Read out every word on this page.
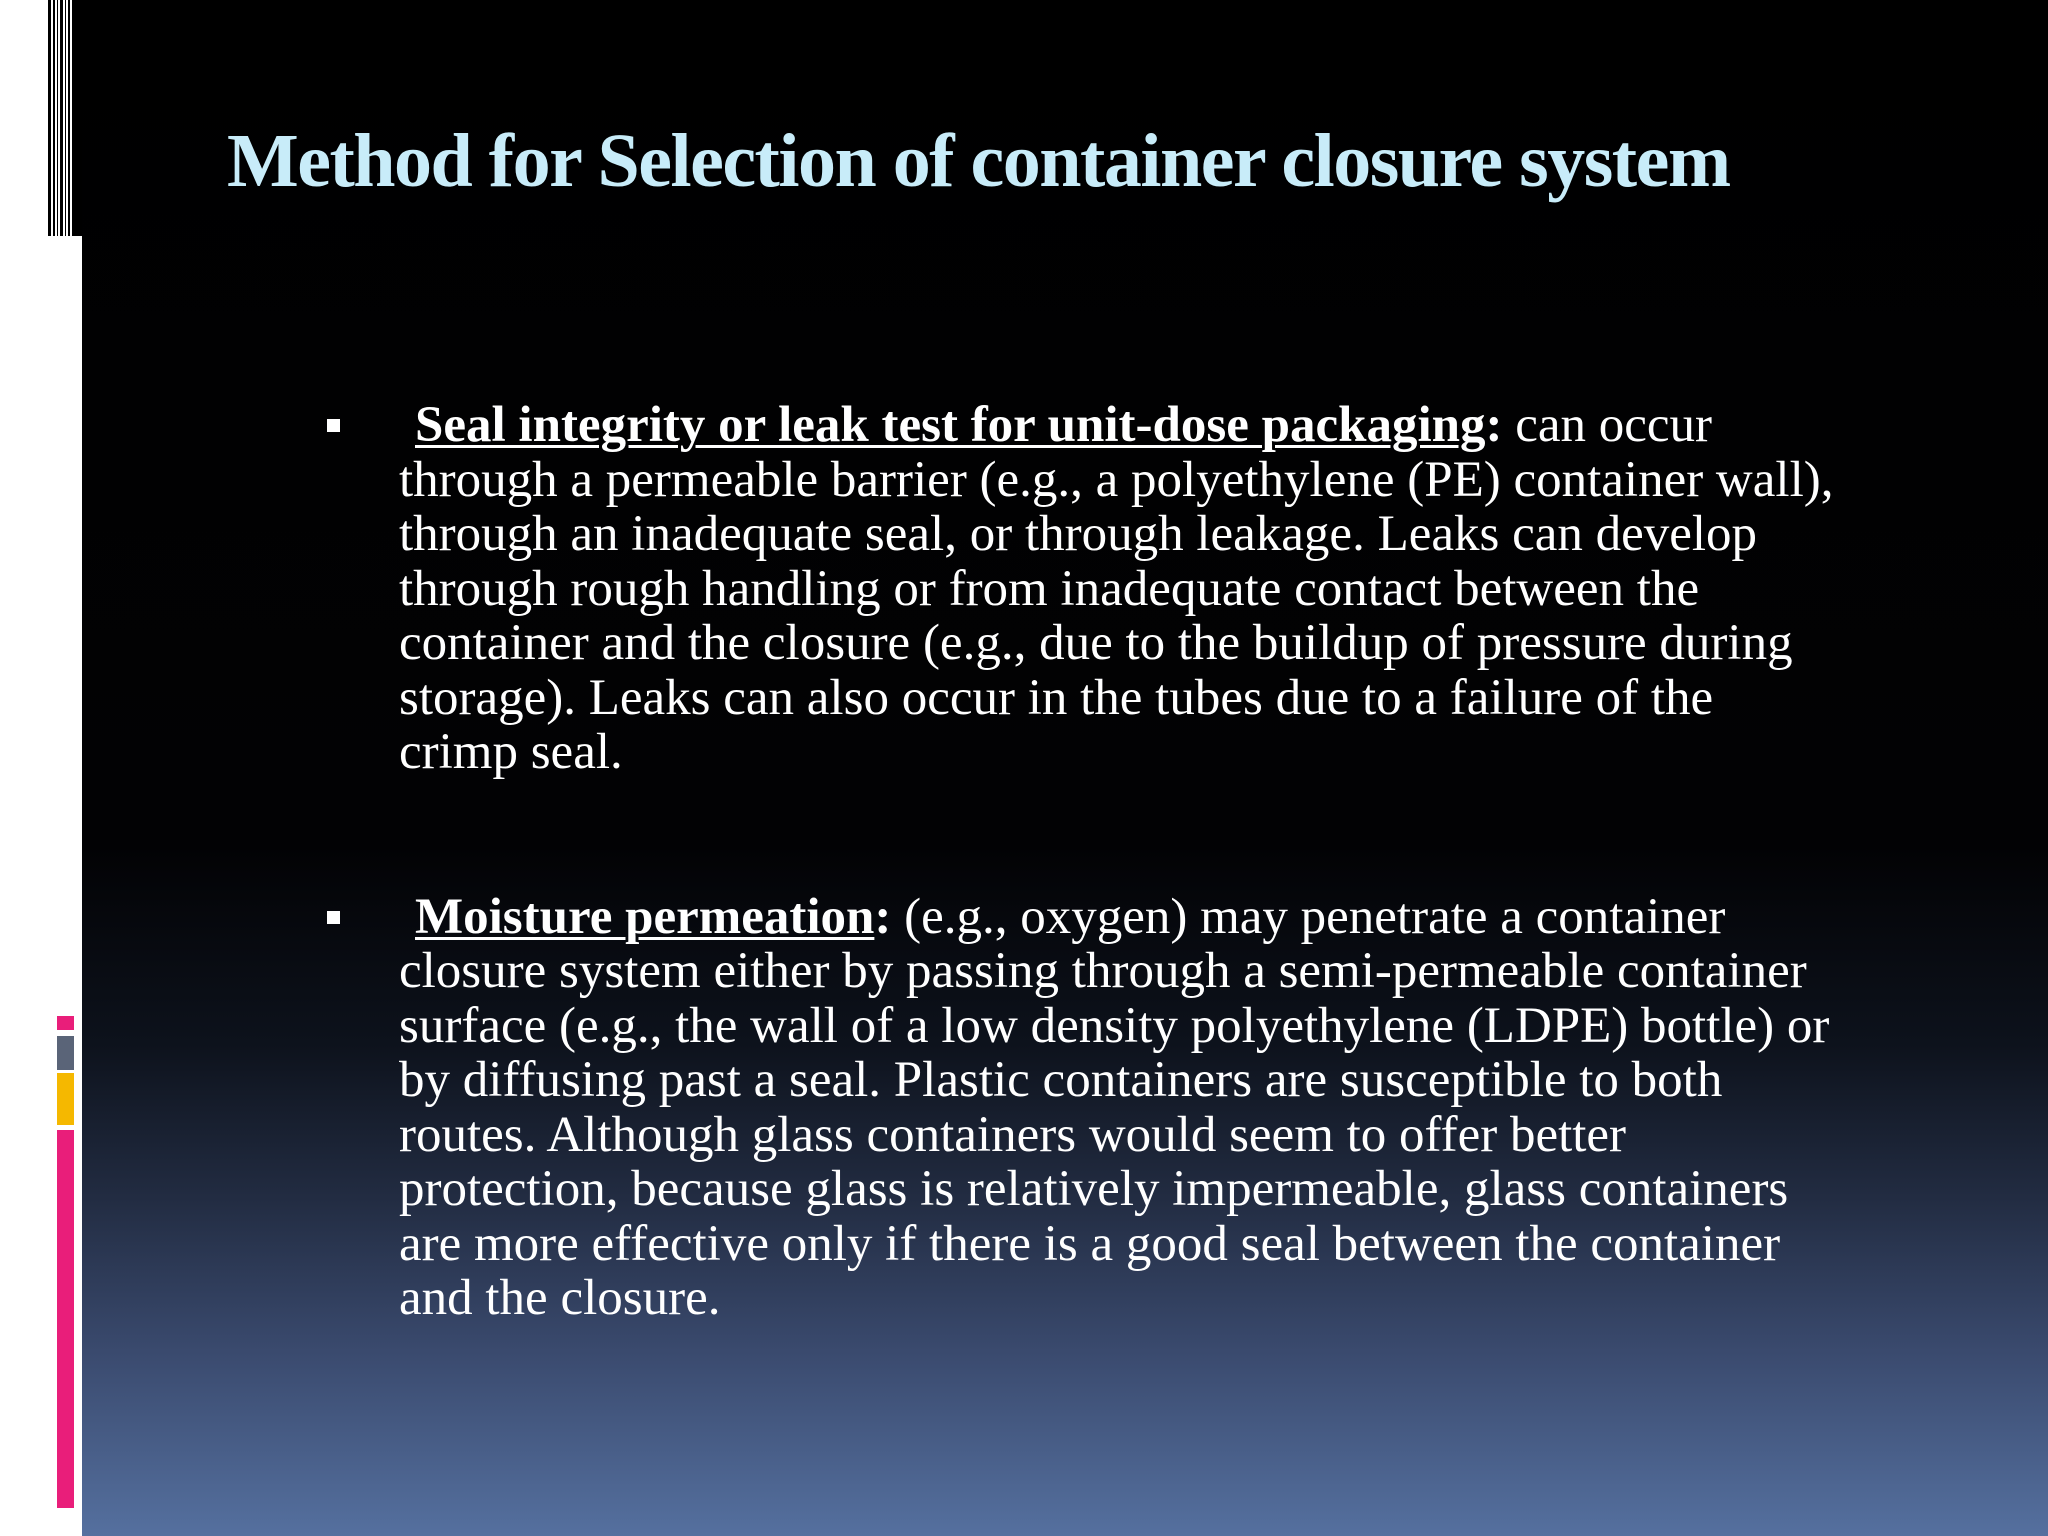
Method for Selection of container closure system
Seal integrity or leak test for unit-dose packaging: can occur
through a permeable barrier (e.g., a polyethylene (PE) container wall),
through an inadequate seal, or through leakage. Leaks can develop
through rough handling or from inadequate contact between the
container and the closure (e.g., due to the buildup of pressure during
storage). Leaks can also occur in the tubes due to a failure of the
crimp seal.
Moisture permeation: (e.g., oxygen) may penetrate a container
closure system either by passing through a semi-permeable container
surface (e.g., the wall of a low density polyethylene (LDPE) bottle) or
by diffusing past a seal. Plastic containers are susceptible to both
routes. Although glass containers would seem to offer better
protection, because glass is relatively impermeable, glass containers
are more effective only if there is a good seal between the container
and the closure.
